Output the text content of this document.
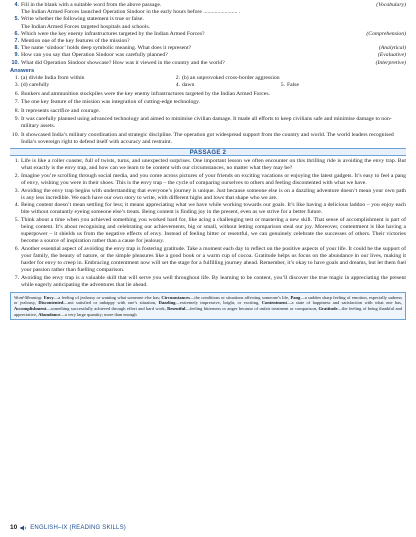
4. Fill in the blank with a suitable word from the above passage.	(Vocabulary)
The Indian Armed Forces launched Operation Sindoor in the early hours before ........................ .
5. Write whether the following statement is true or false.
The Indian Armed Forces targeted hospitals and schools.
6. Which were the key enemy infrastructures targeted by the Indian Armed Forces?	(Comprehension)
7. Mention one of the key features of the mission?
8. The name ‘sindoor’ holds deep symbolic meaning. What does it represent?	(Analytical)
9. How can you say that Operation Sindoor was carefully planned?	(Evaluative)
10. What did Operation Sindoor showcase? How was it viewed in the country and the world?	(Interpretive)
Answers
1. (a) divide India from within	2. (b) an unprovoked cross-border aggression
3. (d) carefully	4. dawn	5. False
6. Bunkers and ammunition stockpiles were the key enemy infrastructures targeted by the Indian Armed Forces.
7. The one key feature of the mission was integration of cutting-edge technology.
8. It represents sacrifice and courage.
9. It was carefully planned using advanced technology and aimed to minimise civilian damage. It made all efforts to keep civilians safe and minimise damage to non-military assets.
10. It showcased India’s military coordination and strategic discipline. The operation got widespread support from the country and world. The world leaders recognised India’s sovereign right to defend itself with accuracy and restraint.
PASSAGE 2
1. Life is like a roller coaster, full of twists, turns, and unexpected surprises. One important lesson we often encounter on this thrilling ride is avoiding the envy trap. But what exactly is the envy trap, and how can we learn to be content with our circumstances, no matter what they may be?
2. Imagine you’re scrolling through social media, and you come across pictures of your friends on exciting vacations or enjoying the latest gadgets. It’s easy to feel a pang of envy, wishing you were in their shoes. This is the envy trap – the cycle of comparing ourselves to others and feeling discontented with what we have.
3. Avoiding the envy trap begins with understanding that everyone’s journey is unique. Just because someone else is on a dazzling adventure doesn’t mean your own path is any less incredible. We each have our own story to write, with different highs and lows that shape who we are.
4. Being content doesn’t mean settling for less; it means appreciating what we have while working towards our goals. It’s like having a delicious laddoo – you enjoy each bite without constantly eyeing someone else’s treats. Being content is finding joy in the present, even as we strive for a better future.
5. Think about a time when you achieved something you worked hard for, like acing a challenging test or mastering a new skill. That sense of accomplishment is part of being content. It’s about recognising and celebrating our achievements, big or small, without letting comparison steal our joy. Moreover, contentment is like having a superpower – it shields us from the negative effects of envy. Instead of feeling bitter or resentful, we can genuinely celebrate the successes of others. Their victories become a source of inspiration rather than a cause for jealousy.
6. Another essential aspect of avoiding the envy trap is fostering gratitude. Take a moment each day to reflect on the positive aspects of your life. It could be the support of your family, the beauty of nature, or the simple pleasures like a good book or a warm cup of cocoa. Gratitude helps us focus on the abundance in our lives, making it harder for envy to creep in. Embracing contentment now will set the stage for a fulfilling journey ahead. Remember, it’s okay to have goals and dreams, but let them fuel your passion rather than fuelling comparison.
7. Avoiding the envy trap is a valuable skill that will serve you well throughout life. By learning to be content, you’ll discover the true magic in appreciating the present while eagerly anticipating the adventures that lie ahead.
Word-Meaning: Envy—a feeling of jealousy or wanting what someone else has; Circumstances—the conditions or situations affecting someone’s life, Pang—a sudden sharp feeling of emotion, especially sadness or jealousy, Discontented—not satisfied or unhappy with one’s situation, Dazzling—extremely impressive, bright, or exciting, Contentment—a state of happiness and satisfaction with what one has, Accomplishment—something successfully achieved through effort and hard work, Resentful—feeling bitterness or anger because of unfair treatment or comparison, Gratitude—the feeling of being thankful and appreciative, Abundance—a very large quantity; more than enough
10 ENGLISH–IX (READING SKILLS)
